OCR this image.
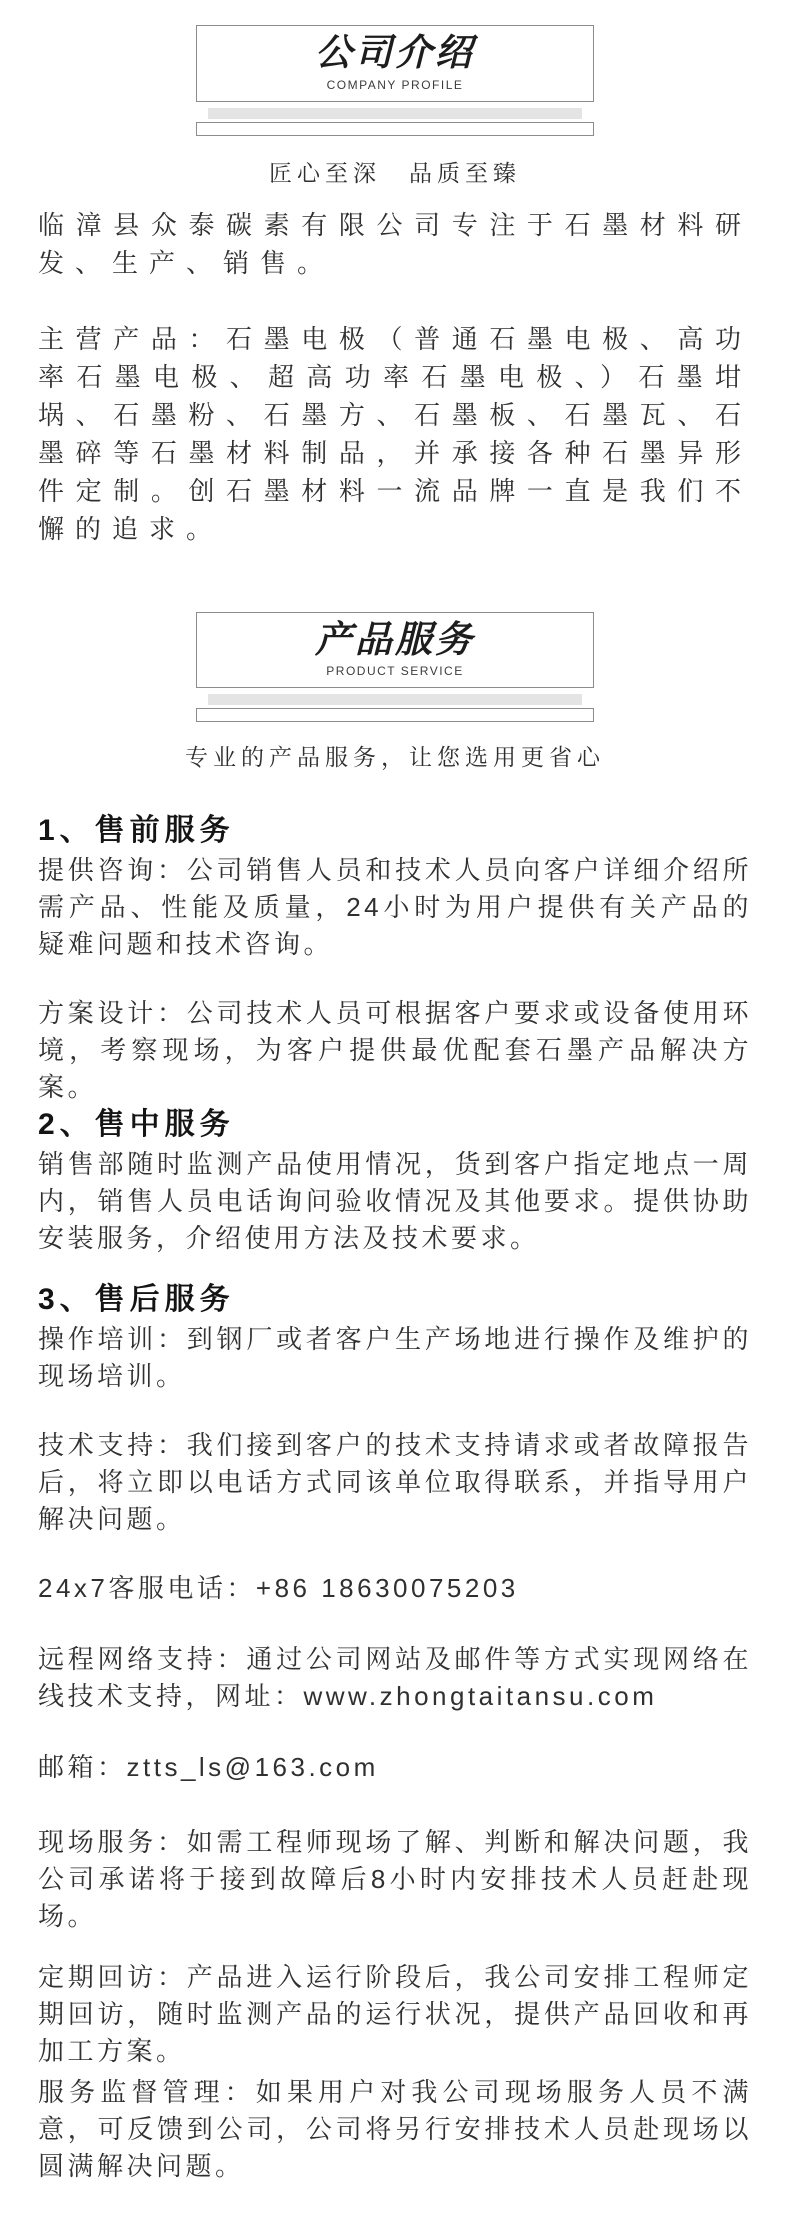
公司介绍
COMPANY PROFILE
匠心至深　品质至臻

临漳县众泰碳素有限公司专注于石墨材料研发、生产、销售。

主营产品：石墨电极（普通石墨电极、高功率石墨电极、超高功率石墨电极、）石墨坩埚、石墨粉、石墨方、石墨板、石墨瓦、石墨碎等石墨材料制品，并承接各种石墨异形件定制。创石墨材料一流品牌一直是我们不懈的追求。

产品服务
PRODUCT SERVICE
专业的产品服务，让您选用更省心
1、售前服务

提供咨询：公司销售人员和技术人员向客户详细介绍所需产品、性能及质量，24小时为用户提供有关产品的疑难问题和技术咨询。

方案设计：公司技术人员可根据客户要求或设备使用环境，考察现场，为客户提供最优配套石墨产品解决方案。

2、售中服务

销售部随时监测产品使用情况，货到客户指定地点一周内，销售人员电话询问验收情况及其他要求。提供协助安装服务，介绍使用方法及技术要求。

3、售后服务

操作培训：到钢厂或者客户生产场地进行操作及维护的现场培训。

技术支持：我们接到客户的技术支持请求或者故障报告后，将立即以电话方式同该单位取得联系，并指导用户解决问题。

24x7客服电话：+86 18630075203

远程网络支持：通过公司网站及邮件等方式实现网络在线技术支持，网址：www.zhongtaitansu.com

邮箱：ztts_ls@163.com

现场服务：如需工程师现场了解、判断和解决问题，我公司承诺将于接到故障后8小时内安排技术人员赶赴现场。

定期回访：产品进入运行阶段后，我公司安排工程师定期回访，随时监测产品的运行状况，提供产品回收和再加工方案。

服务监督管理：如果用户对我公司现场服务人员不满意，可反馈到公司，公司将另行安排技术人员赴现场以圆满解决问题。
